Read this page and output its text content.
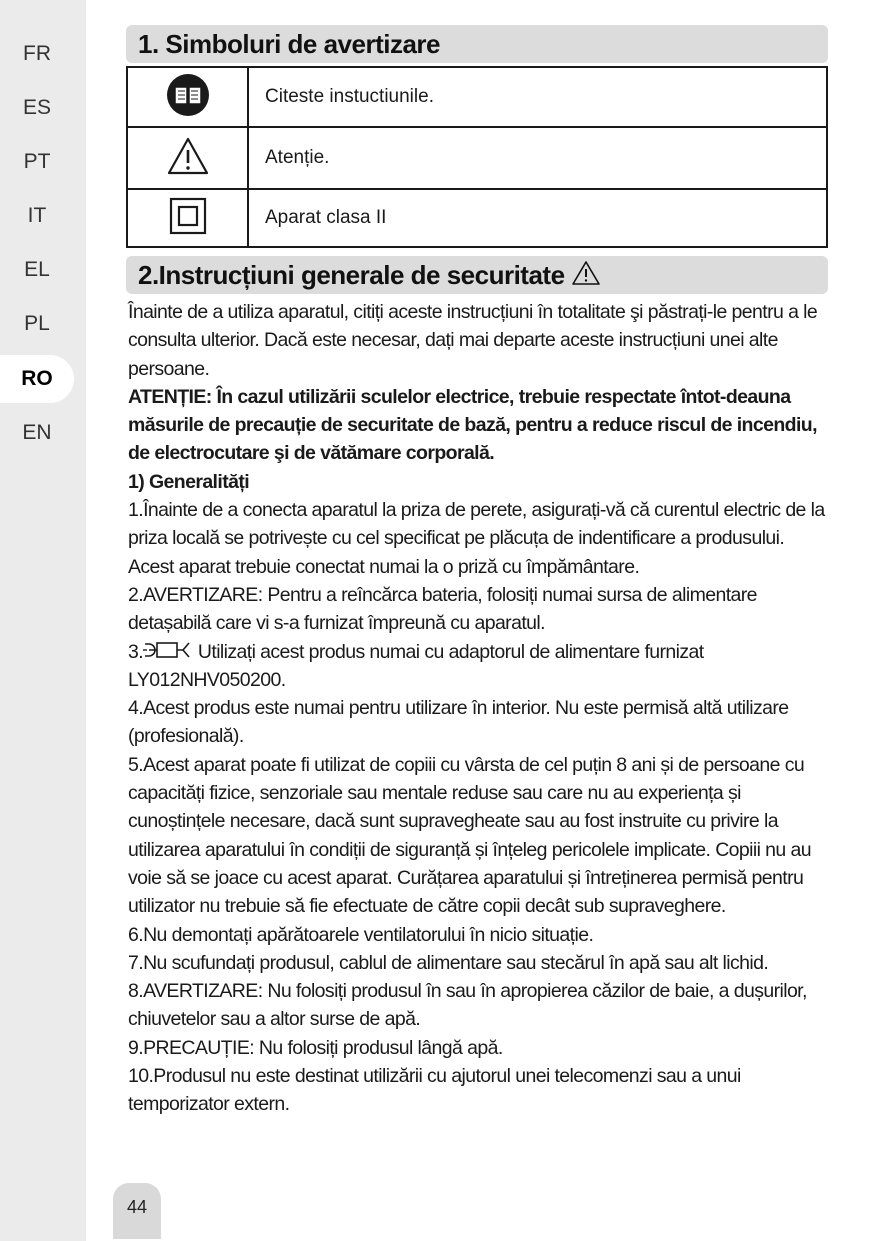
FR
ES
PT
IT
EL
PL
RO
EN
44
1. Simboluri de avertizare
	Citeste instuctiunile.
	Atenție.
	Aparat clasa II
2.Instrucțiuni generale de securitate

Înainte de a utiliza aparatul, citiți aceste instrucțiuni în totalitate şi păstrați-le pentru a le consulta ulterior. Dacă este necesar, dați mai departe aceste instrucțiuni unei alte persoane.

ATENȚIE: În cazul utilizării sculelor electrice, trebuie respectate întot-deauna măsurile de precauție de securitate de bază, pentru a reduce riscul de incendiu, de electrocutare şi de vătămare corporală.

1) Generalități

1.Înainte de a conecta aparatul la priza de perete, asigurați-vă că curentul electric de la priza locală se potrivește cu cel specificat pe plăcuța de indentificare a produsului. Acest aparat trebuie conectat numai la o priză cu împământare.

2.AVERTIZARE: Pentru a reîncărca bateria, folosiți numai sursa de alimentare detașabilă care vi s-a furnizat împreună cu aparatul.

3.	Utilizați acest produs numai cu adaptorul de alimentare furnizat LY012NHV050200.

4.Acest produs este numai pentru utilizare în interior. Nu este permisă altă utilizare (profesională).

5.Acest aparat poate fi utilizat de copiii cu vârsta de cel puțin 8 ani și de persoane cu capacități fizice, senzoriale sau mentale reduse sau care nu au experiența și cunoștințele necesare, dacă sunt supravegheate sau au fost instruite cu privire la utilizarea aparatului în condiții de siguranță și înțeleg pericolele implicate. Copiii nu au voie să se joace cu acest aparat. Curățarea aparatului și întreținerea permisă pentru utilizator nu trebuie să fie efectuate de către copii decât sub supraveghere.

6.Nu demontați apărătoarele ventilatorului în nicio situație.

7.Nu scufundați produsul, cablul de alimentare sau stecărul în apă sau alt lichid.

8.AVERTIZARE: Nu folosiți produsul în sau în apropierea căzilor de baie, a dușurilor, chiuvetelor sau a altor surse de apă.

9.PRECAUȚIE: Nu folosiți produsul lângă apă.

10.Produsul nu este destinat utilizării cu ajutorul unei telecomenzi sau a unui temporizator extern.
